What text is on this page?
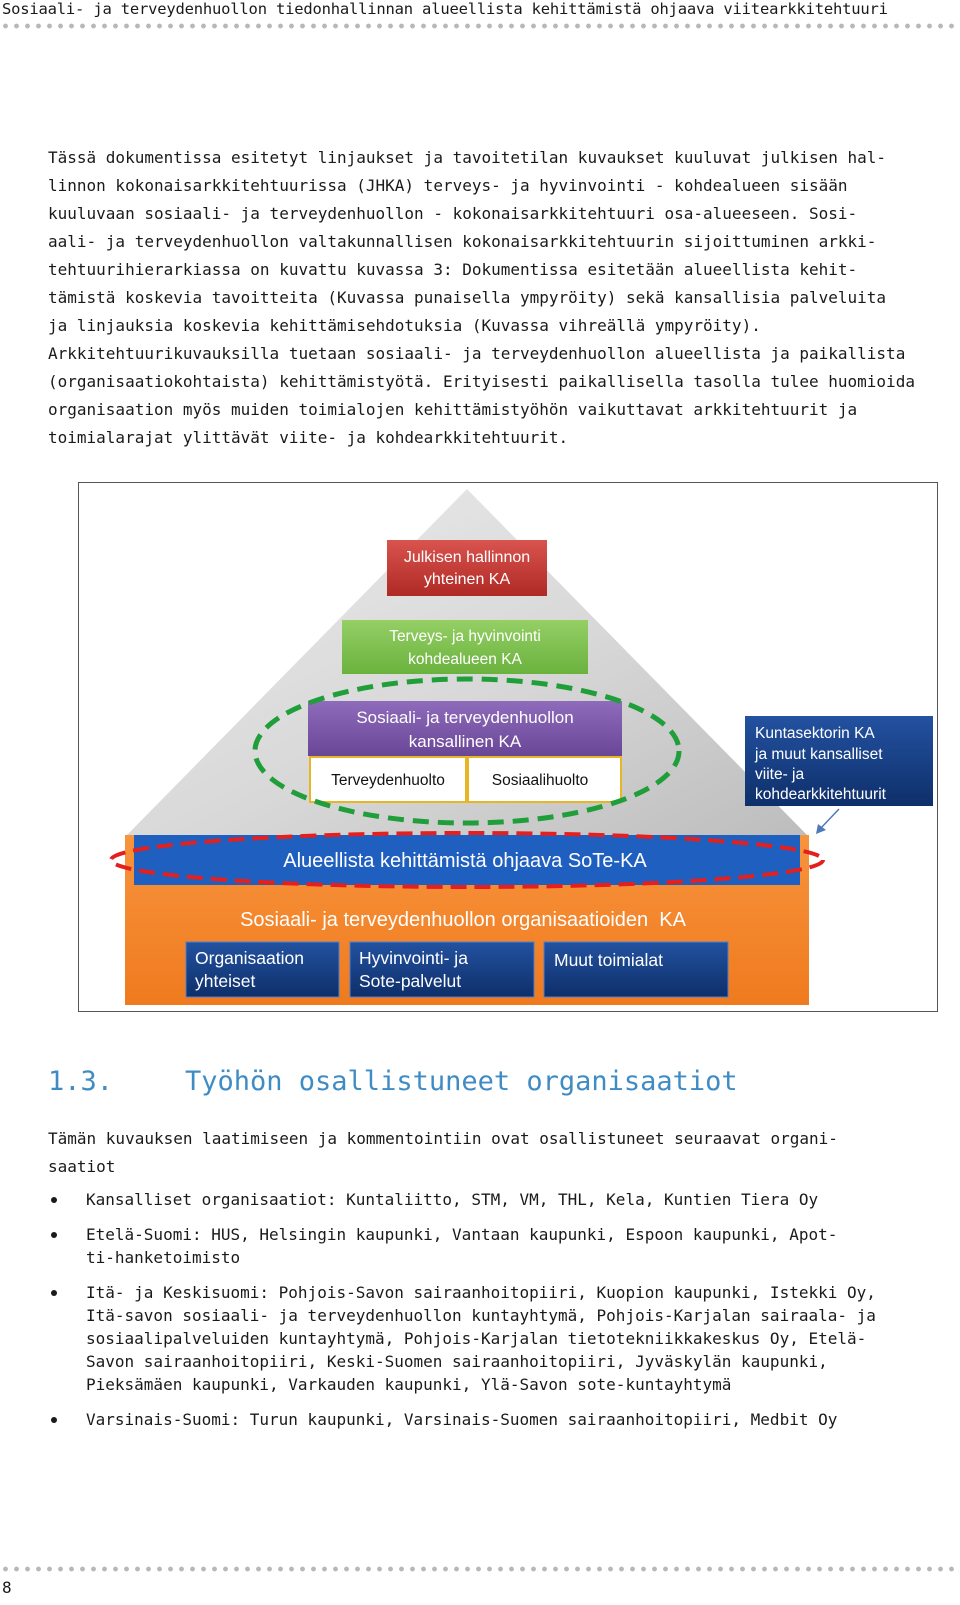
Sosiaali- ja terveydenhuollon tiedonhallinnan alueellista kehittämistä ohjaava viitearkkitehtuuri
Tässä dokumentissa esitetyt linjaukset ja tavoitetilan kuvaukset kuuluvat julkisen hal-
linnon kokonaisarkkitehtuurissa (JHKA) terveys- ja hyvinvointi - kohdealueen sisään
kuuluvaan sosiaali- ja terveydenhuollon - kokonaisarkkitehtuuri osa-alueeseen. Sosi-
aali- ja terveydenhuollon valtakunnallisen kokonaisarkkitehtuurin sijoittuminen arkki-
tehtuurihierarkiassa on kuvattu kuvassa 3: Dokumentissa esitetään alueellista kehit-
tämistä koskevia tavoitteita (Kuvassa punaisella ympyröity) sekä kansallisia palveluita
ja linjauksia koskevia kehittämisehdotuksia (Kuvassa vihreällä ympyröity).
Arkkitehtuurikuvauksilla tuetaan sosiaali- ja terveydenhuollon alueellista ja paikallista
(organisaatiokohtaista) kehittämistyötä. Erityisesti paikallisella tasolla tulee huomioida
organisaation myös muiden toimialojen kehittämistyöhön vaikuttavat arkkitehtuurit ja
toimialarajat ylittävät viite- ja kohdearkkitehtuurit.
Julkisen hallinnon
yhteinen KA
Terveys- ja hyvinvointi
kohdealueen KA
Sosiaali- ja terveydenhuollon
kansallinen KA
Terveydenhuolto	Sosiaalihuolto
Kuntasektorin KA
ja muut kansalliset
viite- ja
kohdearkkitehtuurit
Alueellista kehittämistä ohjaava SoTe-KA
Sosiaali- ja terveydenhuollon organisaatioiden  KA
Organisaation
yhteiset
Hyvinvointi- ja
Sote-palvelut
Muut toimialat
1.3.	Työhön osallistuneet organisaatiot
Tämän kuvauksen laatimiseen ja kommentointiin ovat osallistuneet seuraavat organi-
saatiot
Kansalliset organisaatiot: Kuntaliitto, STM, VM, THL, Kela, Kuntien Tiera Oy
Etelä-Suomi: HUS, Helsingin kaupunki, Vantaan kaupunki, Espoon kaupunki, Apot-
ti-hanketoimisto
Itä- ja Keskisuomi: Pohjois-Savon sairaanhoitopiiri, Kuopion kaupunki, Istekki Oy,
Itä-savon sosiaali- ja terveydenhuollon kuntayhtymä, Pohjois-Karjalan sairaala- ja
sosiaalipalveluiden kuntayhtymä, Pohjois-Karjalan tietotekniikkakeskus Oy, Etelä-
Savon sairaanhoitopiiri, Keski-Suomen sairaanhoitopiiri, Jyväskylän kaupunki,
Pieksämäen kaupunki, Varkauden kaupunki, Ylä-Savon sote-kuntayhtymä
Varsinais-Suomi: Turun kaupunki, Varsinais-Suomen sairaanhoitopiiri, Medbit Oy
8
